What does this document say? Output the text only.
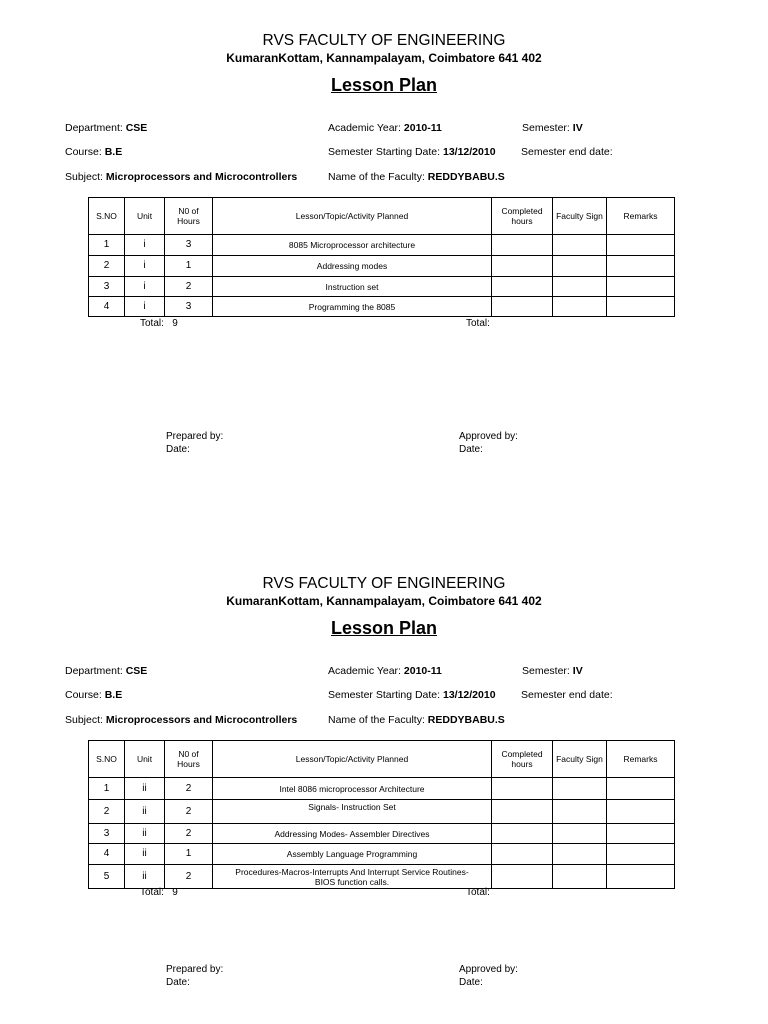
RVS FACULTY OF ENGINEERING
KumaranKottam, Kannampalayam, Coimbatore 641 402
Lesson Plan
Department: CSE	Academic Year: 2010-11	Semester: IV
Course: B.E	Semester Starting Date: 13/12/2010 Semester end date:
Subject: Microprocessors and Microcontrollers	Name of the Faculty: REDDYBABU.S
S.NO	Unit	N0 of Hours	Lesson/Topic/Activity Planned	Completed hours	Faculty Sign	Remarks
1	i	3	8085 Microprocessor architecture			
2	i	1	Addressing modes			
3	i	2	Instruction set			
4	i	3	Programming the 8085			
Total: 9	Total:
Prepared by:
Date:
Approved by:
Date:
RVS FACULTY OF ENGINEERING
KumaranKottam, Kannampalayam, Coimbatore 641 402
Lesson Plan
Department: CSE	Academic Year: 2010-11	Semester: IV
Course: B.E	Semester Starting Date: 13/12/2010 Semester end date:
Subject: Microprocessors and Microcontrollers	Name of the Faculty: REDDYBABU.S
S.NO	Unit	N0 of Hours	Lesson/Topic/Activity Planned	Completed hours	Faculty Sign	Remarks
1	ii	2	Intel 8086 microprocessor Architecture			
2	ii	2	Signals- Instruction Set			
3	ii	2	Addressing Modes- Assembler Directives			
4	ii	1	Assembly Language Programming			
5	ii	2	Procedures-Macros-Interrupts And Interrupt Service Routines-BIOS function calls.			
Total: 9	Total:
Prepared by:
Date:
Approved by:
Date:
